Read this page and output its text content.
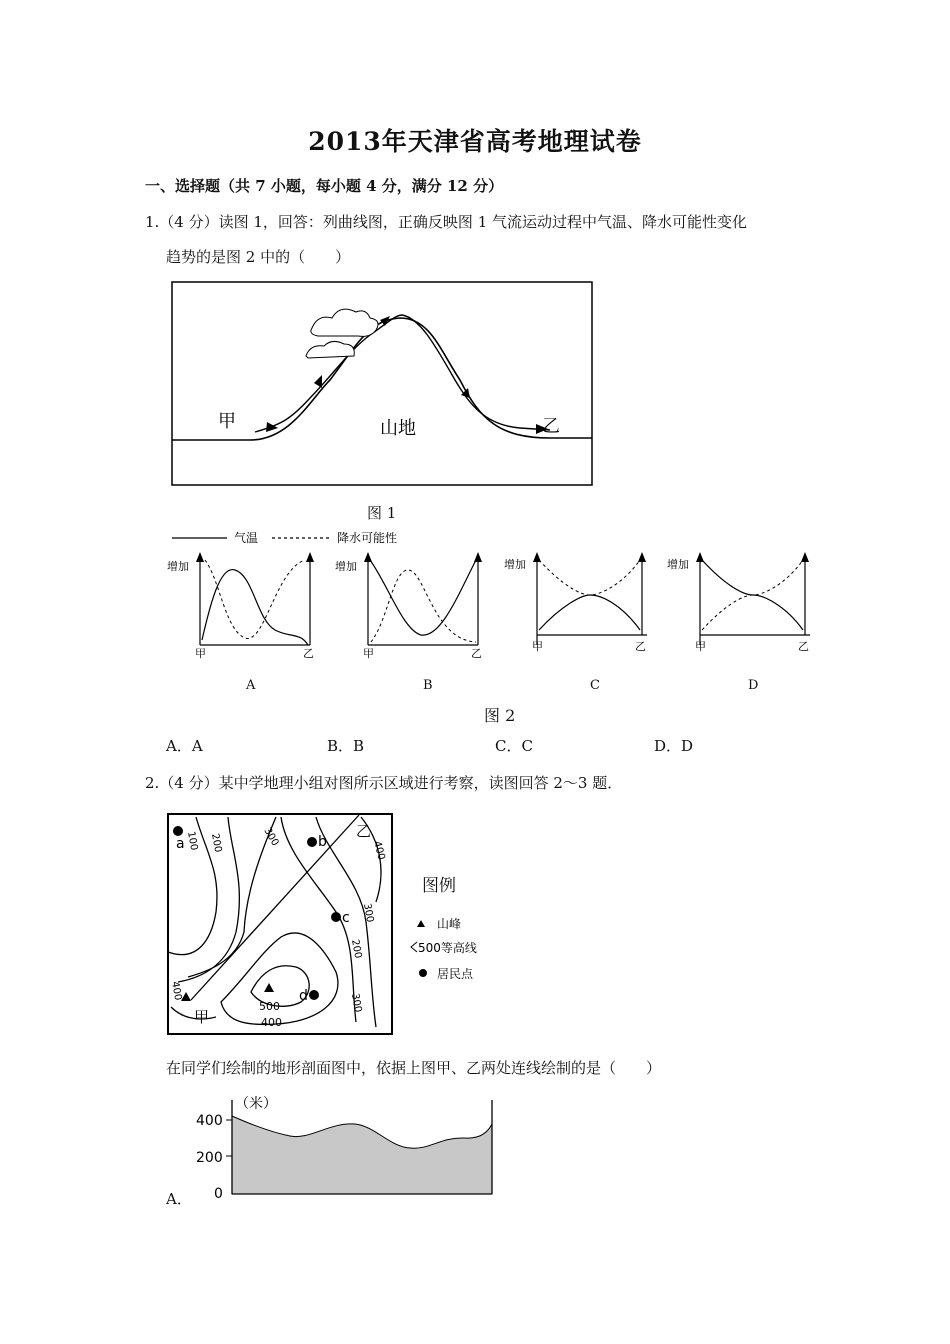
2013年天津省高考地理试卷
一、选择题（共 7 小题，每小题 4 分，满分 12 分）
1.（4 分）读图 1，回答：列曲线图，正确反映图 1 气流运动过程中气温、降水可能性变化
趋势的是图 2 中的（　　）
甲	山地	乙
图 1
气温	降水可能性
增加
甲	乙
增加
甲	乙
增加
甲	乙
增加
甲	乙
A	B	C	D
图 2
A．A	B．B	C．C	D．D
2.（4 分）某中学地理小组对图所示区域进行考察，读图回答 2～3 题．
a	b
c
d
甲
乙
100 200	300
400
300
200
300
400
500
400
图例
山峰
500等高线
居民点
在同学们绘制的地形剖面图中，依据上图甲、乙两处连线绘制的是（　　）
（米）
400
200
0
A．
